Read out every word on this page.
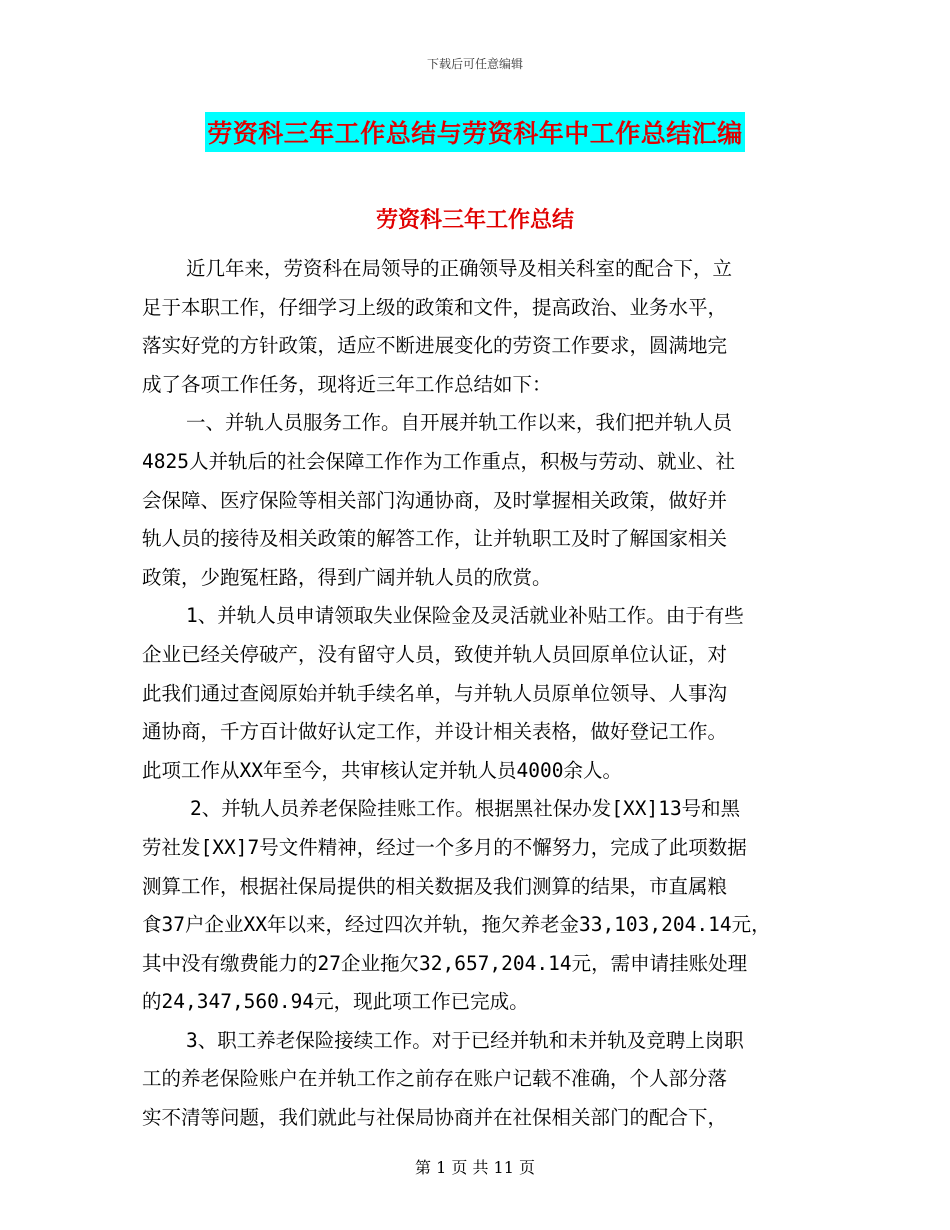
下载后可任意编辑
劳资科三年工作总结与劳资科年中工作总结汇编
劳资科三年工作总结
近几年来，劳资科在局领导的正确领导及相关科室的配合下，立
足于本职工作，仔细学习上级的政策和文件，提高政治、业务水平，
落实好党的方针政策，适应不断进展变化的劳资工作要求，圆满地完
成了各项工作任务，现将近三年工作总结如下：
一、并轨人员服务工作。自开展并轨工作以来，我们把并轨人员
4825人并轨后的社会保障工作作为工作重点，积极与劳动、就业、社
会保障、医疗保险等相关部门沟通协商，及时掌握相关政策，做好并
轨人员的接待及相关政策的解答工作，让并轨职工及时了解国家相关
政策，少跑冤枉路，得到广阔并轨人员的欣赏。
1、并轨人员申请领取失业保险金及灵活就业补贴工作。由于有些
企业已经关停破产，没有留守人员，致使并轨人员回原单位认证，对
此我们通过查阅原始并轨手续名单，与并轨人员原单位领导、人事沟
通协商，千方百计做好认定工作，并设计相关表格，做好登记工作。
此项工作从XX年至今，共审核认定并轨人员4000余人。
2、并轨人员养老保险挂账工作。根据黑社保办发[XX]13号和黑
劳社发[XX]7号文件精神，经过一个多月的不懈努力，完成了此项数据
测算工作，根据社保局提供的相关数据及我们测算的结果，市直属粮
食37户企业XX年以来，经过四次并轨，拖欠养老金33,103,204.14元，
其中没有缴费能力的27企业拖欠32,657,204.14元，需申请挂账处理
的24,347,560.94元，现此项工作已完成。
3、职工养老保险接续工作。对于已经并轨和未并轨及竞聘上岗职
工的养老保险账户在并轨工作之前存在账户记载不准确，个人部分落
实不清等问题，我们就此与社保局协商并在社保相关部门的配合下，
第 1 页 共 11 页
